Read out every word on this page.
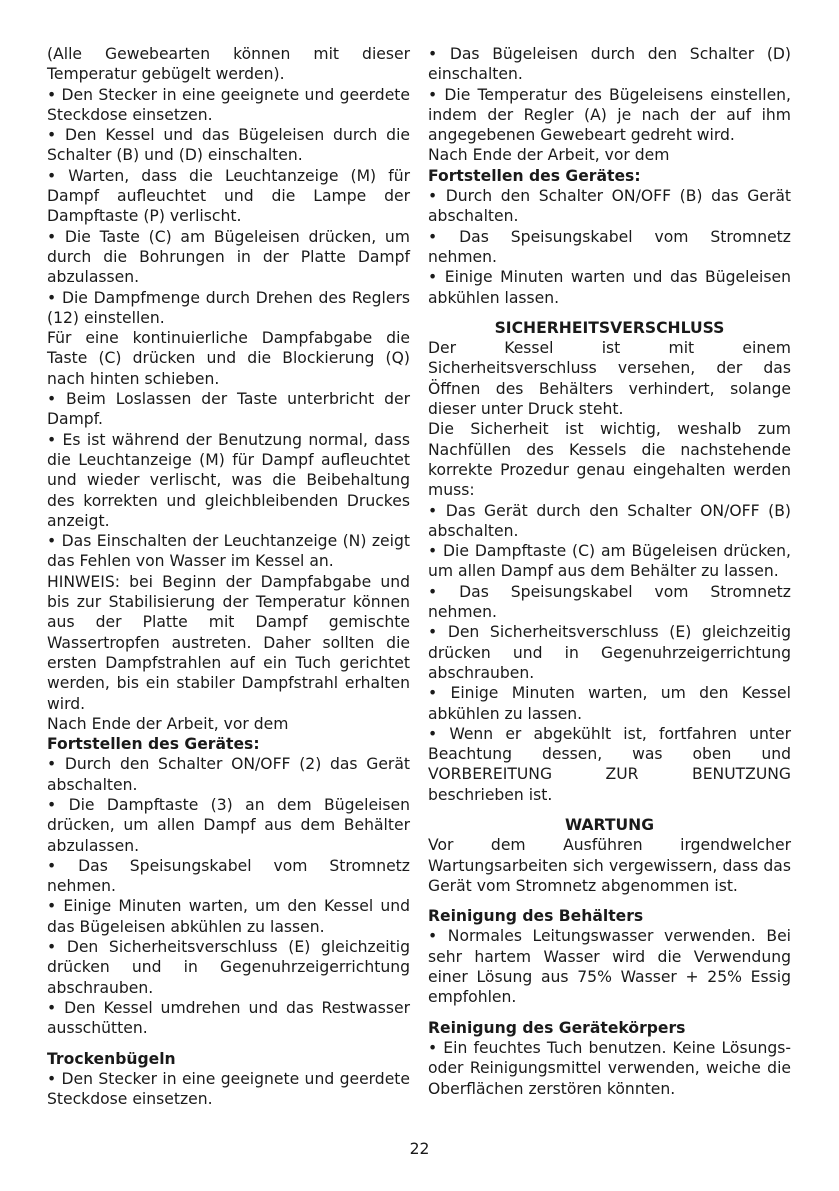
(Alle Gewebearten können mit dieser Temperatur gebügelt werden).

• Den Stecker in eine geeignete und geerdete Steckdose einsetzen.

• Den Kessel und das Bügeleisen durch die Schalter (B) und (D) einschalten.

• Warten, dass die Leuchtanzeige (M) für Dampf aufleuchtet und die Lampe der Dampftaste (P) verlischt.

• Die Taste (C) am Bügeleisen drücken, um durch die Bohrungen in der Platte Dampf abzulassen.

• Die Dampfmenge durch Drehen des Reglers (12) einstellen.

Für eine kontinuierliche Dampfabgabe die Taste (C) drücken und die Blockierung (Q) nach hinten schieben.

• Beim Loslassen der Taste unterbricht der Dampf.

• Es ist während der Benutzung normal, dass die Leuchtanzeige (M) für Dampf aufleuchtet und wieder verlischt, was die Beibehaltung des korrekten und gleichbleibenden Druckes anzeigt.

• Das Einschalten der Leuchtanzeige (N) zeigt das Fehlen von Wasser im Kessel an.

HINWEIS: bei Beginn der Dampfabgabe und bis zur Stabilisierung der Temperatur können aus der Platte mit Dampf gemischte Wassertropfen austreten. Daher sollten die ersten Dampfstrahlen auf ein Tuch gerichtet werden, bis ein stabiler Dampfstrahl erhalten wird.

Nach Ende der Arbeit, vor dem

Fortstellen des Gerätes:

• Durch den Schalter ON/OFF (2) das Gerät abschalten.

• Die Dampftaste (3) an dem Bügeleisen drücken, um allen Dampf aus dem Behälter abzulassen.

• Das Speisungskabel vom Stromnetz nehmen.

• Einige Minuten warten, um den Kessel und das Bügeleisen abkühlen zu lassen.

• Den Sicherheitsverschluss (E) gleichzeitig drücken und in Gegenuhrzeigerrichtung abschrauben.

• Den Kessel umdrehen und das Restwasser ausschütten.

Trockenbügeln

• Den Stecker in eine geeignete und geerdete Steckdose einsetzen.

• Das Bügeleisen durch den Schalter (D) einschalten.

• Die Temperatur des Bügeleisens einstellen, indem der Regler (A) je nach der auf ihm angegebenen Gewebeart gedreht wird.

Nach Ende der Arbeit, vor dem

Fortstellen des Gerätes:

• Durch den Schalter ON/OFF (B) das Gerät abschalten.

• Das Speisungskabel vom Stromnetz nehmen.

• Einige Minuten warten und das Bügeleisen abkühlen lassen.

SICHERHEITSVERSCHLUSS

Der Kessel ist mit einem Sicherheitsverschluss versehen, der das Öffnen des Behälters verhindert, solange dieser unter Druck steht.

Die Sicherheit ist wichtig, weshalb zum Nachfüllen des Kessels die nachstehende korrekte Prozedur genau eingehalten werden muss:

• Das Gerät durch den Schalter ON/OFF (B) abschalten.

• Die Dampftaste (C) am Bügeleisen drücken, um allen Dampf aus dem Behälter zu lassen.

• Das Speisungskabel vom Stromnetz nehmen.

• Den Sicherheitsverschluss (E) gleichzeitig drücken und in Gegenuhrzeigerrichtung abschrauben.

• Einige Minuten warten, um den Kessel abkühlen zu lassen.

• Wenn er abgekühlt ist, fortfahren unter Beachtung dessen, was oben und VORBEREITUNG ZUR BENUTZUNG beschrieben ist.

WARTUNG

Vor dem Ausführen irgendwelcher Wartungsarbeiten sich vergewissern, dass das Gerät vom Stromnetz abgenommen ist.

Reinigung des Behälters

• Normales Leitungswasser verwenden. Bei sehr hartem Wasser wird die Verwendung einer Lösung aus 75% Wasser + 25% Essig empfohlen.

Reinigung des Gerätekörpers

• Ein feuchtes Tuch benutzen. Keine Lösungs- oder Reinigungsmittel verwenden, weiche die Oberflächen zerstören könnten.

22
